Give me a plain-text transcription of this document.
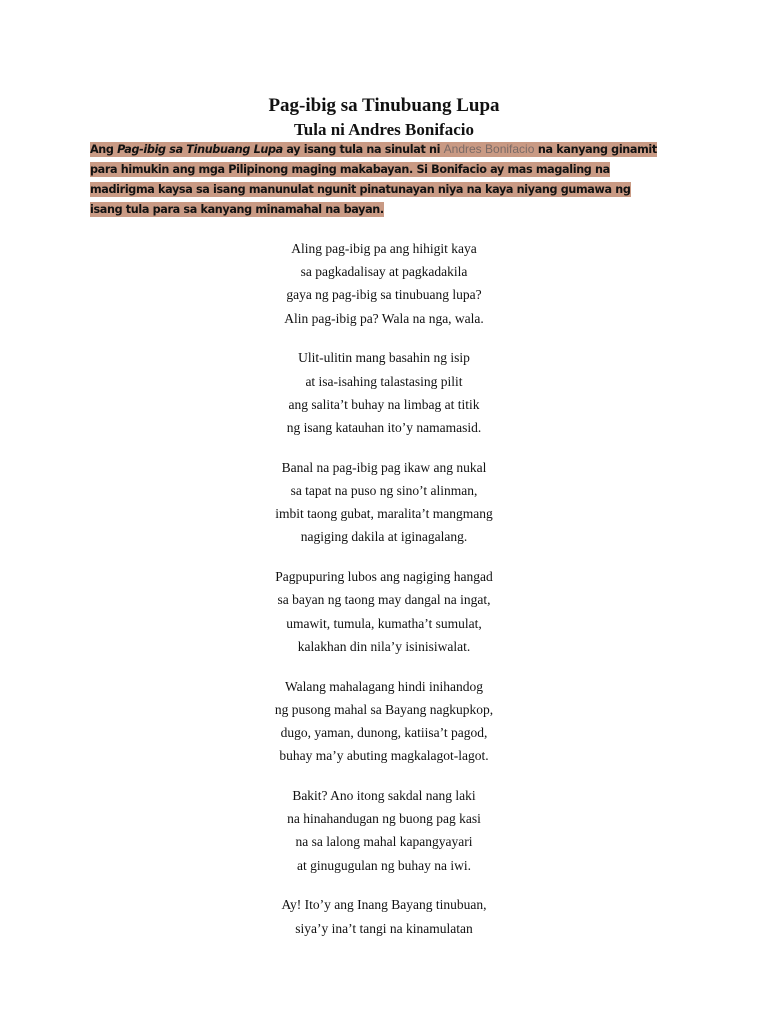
Pag-ibig sa Tinubuang Lupa
Tula ni Andres Bonifacio
Ang Pag-ibig sa Tinubuang Lupa ay isang tula na sinulat ni Andres Bonifacio na kanyang ginamit para himukin ang mga Pilipinong maging makabayan. Si Bonifacio ay mas magaling na madirigma kaysa sa isang manunulat ngunit pinatunayan niya na kaya niyang gumawa ng isang tula para sa kanyang minamahal na bayan.
Aling pag-ibig pa ang hihigit kaya
sa pagkadalisay at pagkadakila
gaya ng pag-ibig sa tinubuang lupa?
Alin pag-ibig pa? Wala na nga, wala.
Ulit-ulitin mang basahin ng isip
at isa-isahing talastasing pilit
ang salita’t buhay na limbag at titik
ng isang katauhan ito’y namamasid.
Banal na pag-ibig pag ikaw ang nukal
sa tapat na puso ng sino’t alinman,
imbit taong gubat, maralita’t mangmang
nagiging dakila at iginagalang.
Pagpupuring lubos ang nagiging hangad
sa bayan ng taong may dangal na ingat,
umawit, tumula, kumatha’t sumulat,
kalakhan din nila’y isinisiwalat.
Walang mahalagang hindi inihandog
ng pusong mahal sa Bayang nagkupkop,
dugo, yaman, dunong, katiisa’t pagod,
buhay ma’y abuting magkalagot-lagot.
Bakit? Ano itong sakdal nang laki
na hinahandugan ng buong pag kasi
na sa lalong mahal kapangyayari
at ginugugulan ng buhay na iwi.
Ay! Ito’y ang Inang Bayang tinubuan,
siya’y ina’t tangi na kinamulatan
